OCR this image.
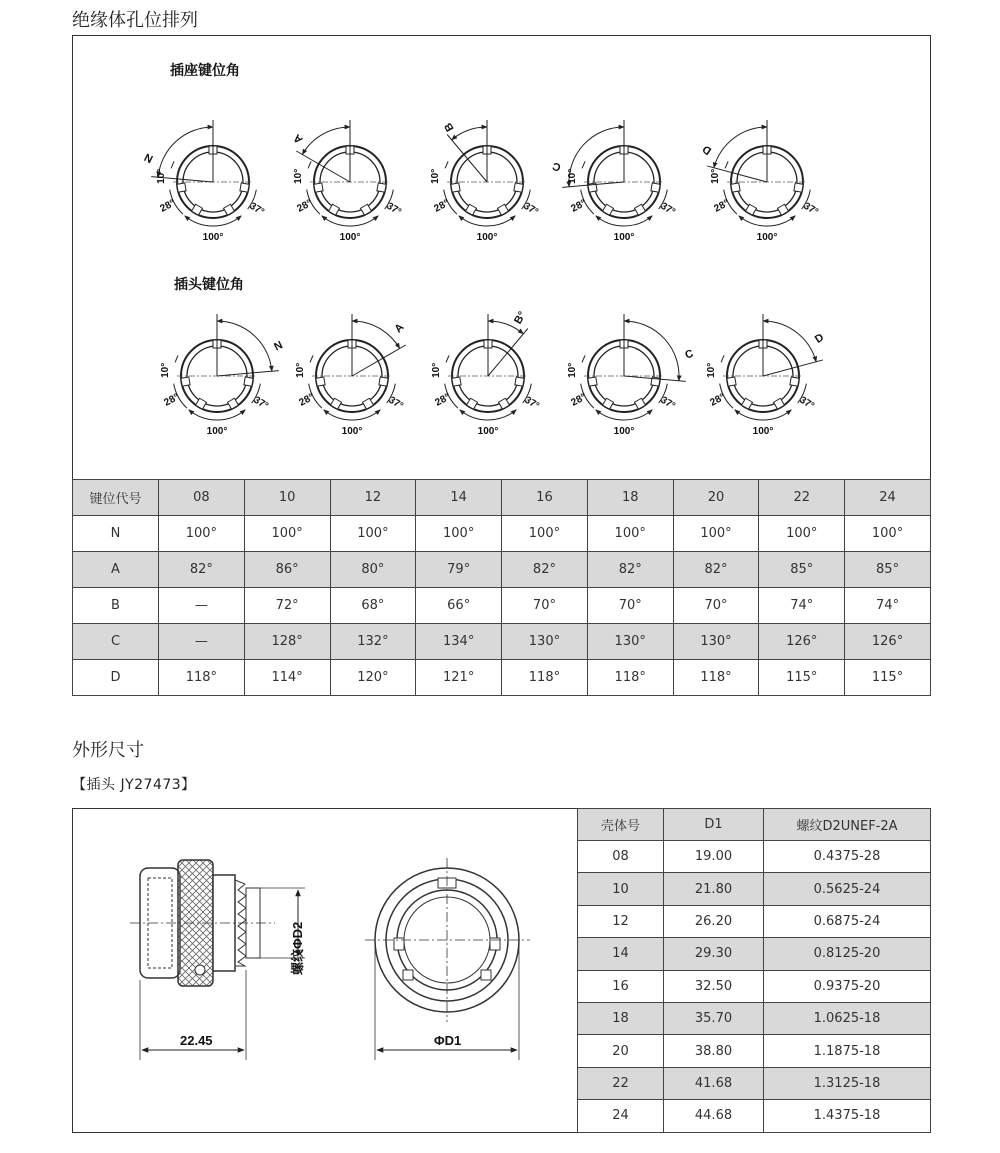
绝缘体孔位排列
插座键位角
插头键位角
N
10°
28°	37°
100°
A
10°
28°	37°
100°
B
10°
28°	37°
100°
C
10°
28°	37°
100°
D
10°
28°	37°
100°
N
10°
28°	37°
100°
A
10°
28°	37°
100°
B°
10°
28°	37°
100°
C
10°
28°	37°
100°
D
10°
28°	37°
100°
键位代号	08	10	12	14	16	18	20	22	24
N	100°	100°	100°	100°	100°	100°	100°	100°	100°
A	82°	86°	80°	79°	82°	82°	82°	85°	85°
B	—	72°	68°	66°	70°	70°	70°	74°	74°
C	—	128°	132°	134°	130°	130°	130°	126°	126°
D	118°	114°	120°	121°	118°	118°	118°	115°	115°
外形尺寸
【插头 JY27473】
22.45
螺纹ΦD2
ΦD1
壳体号	D1	螺纹D2UNEF-2A
08	19.00	0.4375-28
10	21.80	0.5625-24
12	26.20	0.6875-24
14	29.30	0.8125-20
16	32.50	0.9375-20
18	35.70	1.0625-18
20	38.80	1.1875-18
22	41.68	1.3125-18
24	44.68	1.4375-18
